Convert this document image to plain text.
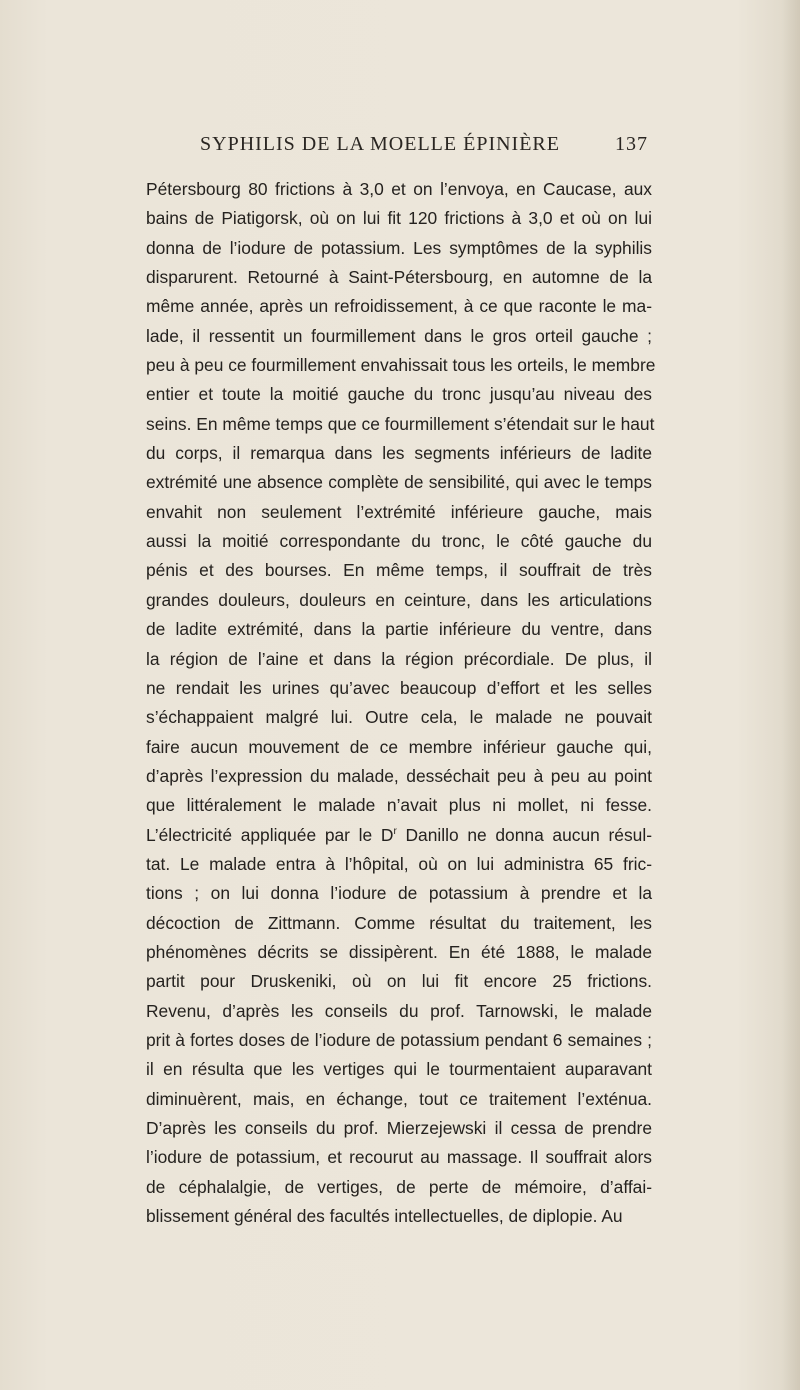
SYPHILIS DE LA MOELLE ÉPINIÈRE	137
Pétersbourg 80 frictions à 3,0 et on l’envoya, en Caucase, aux
bains de Piatigorsk, où on lui fit 120 frictions à 3,0 et où on lui
donna de l’iodure de potassium. Les symptômes de la syphilis
disparurent. Retourné à Saint-Pétersbourg, en automne de la
même année, après un refroidissement, à ce que raconte le ma-
lade, il ressentit un fourmillement dans le gros orteil gauche ;
peu à peu ce fourmillement envahissait tous les orteils, le membre
entier et toute la moitié gauche du tronc jusqu’au niveau des
seins. En même temps que ce fourmillement s’étendait sur le haut
du corps, il remarqua dans les segments inférieurs de ladite
extrémité une absence complète de sensibilité, qui avec le temps
envahit non seulement l’extrémité inférieure gauche, mais
aussi la moitié correspondante du tronc, le côté gauche du
pénis et des bourses. En même temps, il souffrait de très
grandes douleurs, douleurs en ceinture, dans les articulations
de ladite extrémité, dans la partie inférieure du ventre, dans
la région de l’aine et dans la région précordiale. De plus, il
ne rendait les urines qu’avec beaucoup d’effort et les selles
s’échappaient malgré lui. Outre cela, le malade ne pouvait
faire aucun mouvement de ce membre inférieur gauche qui,
d’après l’expression du malade, desséchait peu à peu au point
que littéralement le malade n’avait plus ni mollet, ni fesse.
L’électricité appliquée par le $D^r$ Danillo ne donna aucun résul-
tat. Le malade entra à l’hôpital, où on lui administra 65 fric-
tions ; on lui donna l’iodure de potassium à prendre et la
décoction de Zittmann. Comme résultat du traitement, les
phénomènes décrits se dissipèrent. En été 1888, le malade
partit pour Druskeniki, où on lui fit encore 25 frictions.
Revenu, d’après les conseils du prof. Tarnowski, le malade
prit à fortes doses de l’iodure de potassium pendant 6 semaines ;
il en résulta que les vertiges qui le tourmentaient auparavant
diminuèrent, mais, en échange, tout ce traitement l’exténua.
D’après les conseils du prof. Mierzejewski il cessa de prendre
l’iodure de potassium, et recourut au massage. Il souffrait alors
de céphalalgie, de vertiges, de perte de mémoire, d’affai-
blissement général des facultés intellectuelles, de diplopie. Au
